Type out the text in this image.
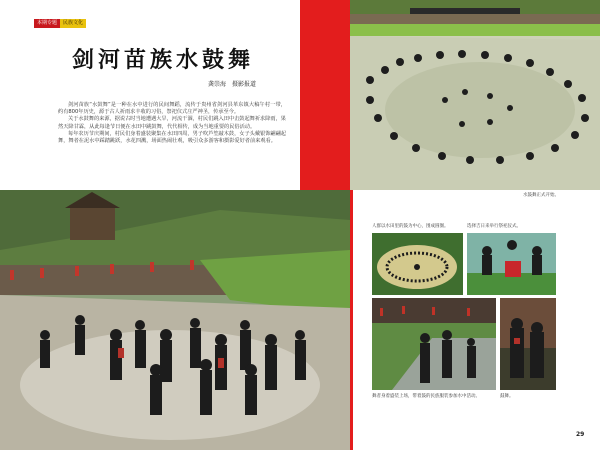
本期专题	民族文化
剑河苗族水鼓舞
龚崇海　摄影报道

剑河苗族“水鼓舞”是一种在水中进行的民间舞蹈，流传于贵州省剑河县革东镇大稿午村一带，约有800年历史，源于古人祈雨求丰收的习俗，祭祀仪式庄严神圣，传承至今。

关于水鼓舞的来源，据说古时当地遭遇大旱，河流干涸，村民们跳入田中击鼓起舞祈求降雨，果然天降甘霖，从此每逢节日便在水田中跳鼓舞，代代相传，成为当地重要的民俗活动。

每年农历节庆期间，村民们身着盛装聚集在水田四周，男子吹芦笙敲木鼓，女子头戴银饰翩翩起舞，舞者在泥水中踩踏跳跃，水花四溅，场面热闹壮观，吸引众多游客和摄影爱好者前来观看。

水鼓舞正式开始。
人群以水田里的鼓为中心，围成圆圈。	选择吉日来举行祭祀仪式。
舞者身着盛装上场，带着鼓的民族服装参加水中活动。	鼓舞。
29
